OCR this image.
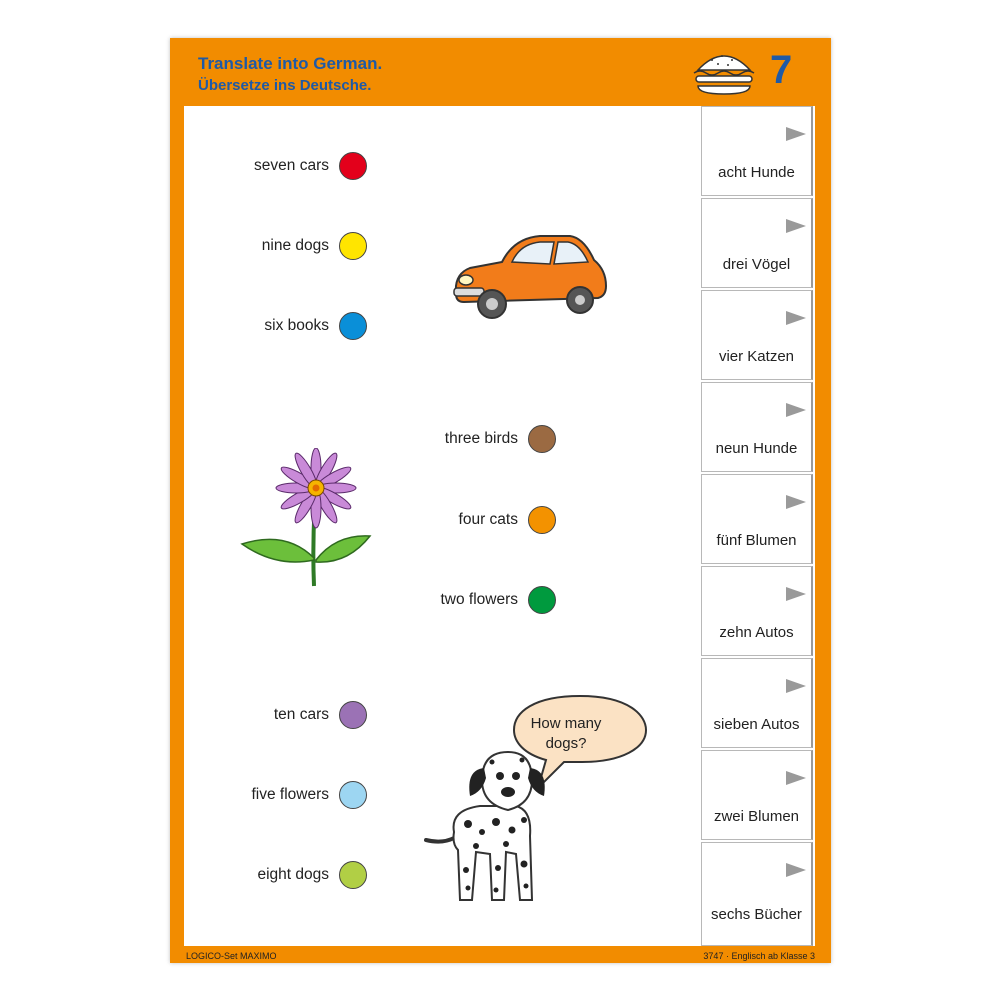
Translate into German.
Übersetze ins Deutsche.	7
seven cars
nine dogs
six books
three birds
four cats
two flowers
ten cars
five flowers
eight dogs
How many
dogs?
acht Hunde
drei Vögel
vier Katzen
neun Hunde
fünf Blumen
zehn Autos
sieben Autos
zwei Blumen
sechs Bücher
LOGICO-Set MAXIMO	3747 · Englisch ab Klasse 3
